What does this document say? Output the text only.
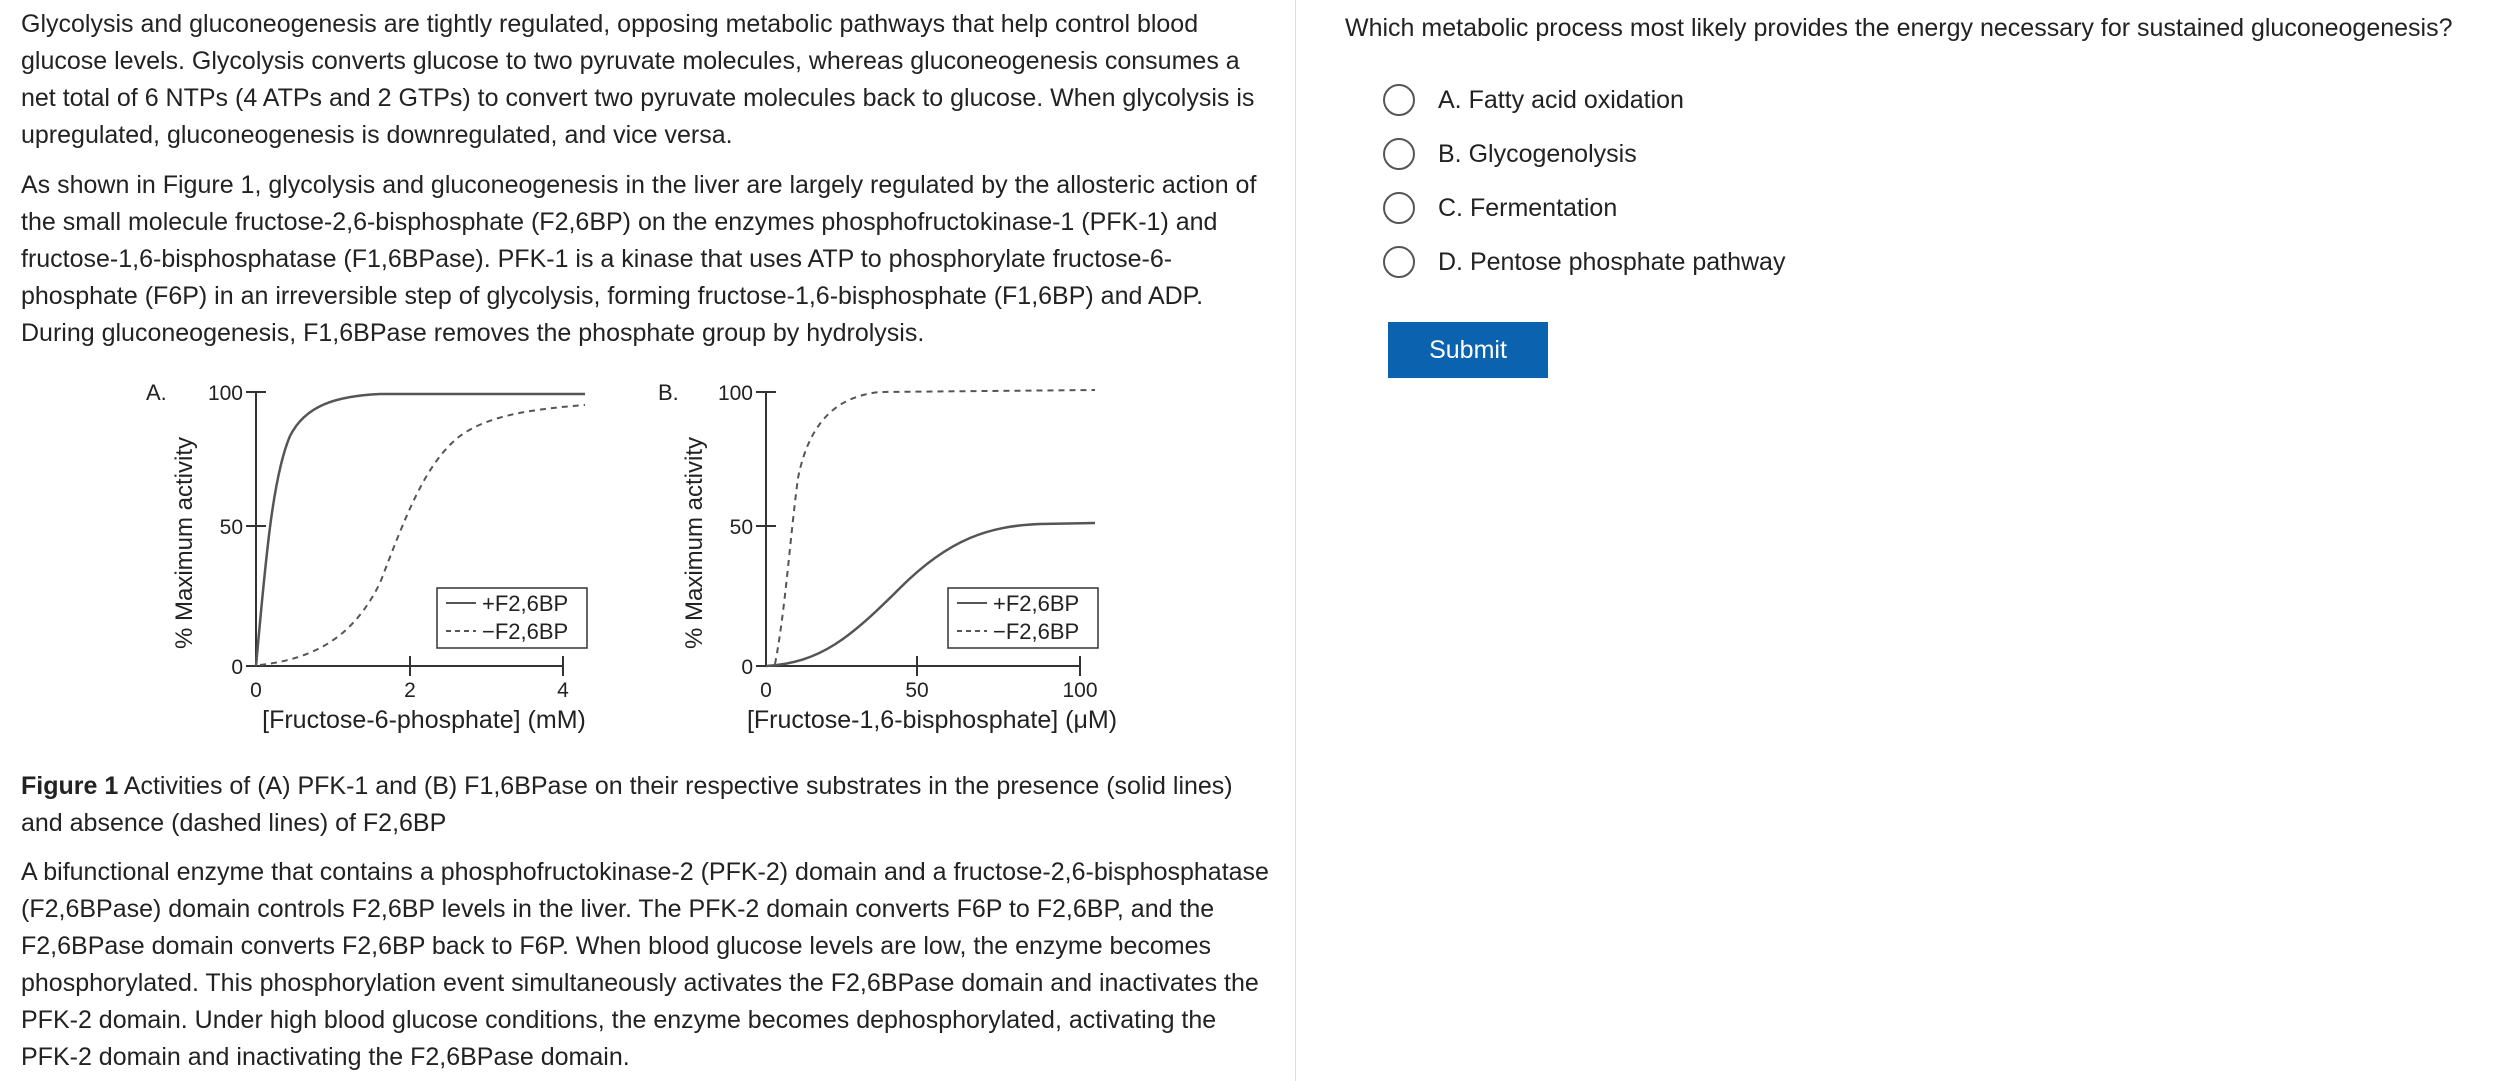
Glycolysis and gluconeogenesis are tightly regulated, opposing metabolic pathways that help control blood glucose levels. Glycolysis converts glucose to two pyruvate molecules, whereas gluconeogenesis consumes a net total of 6 NTPs (4 ATPs and 2 GTPs) to convert two pyruvate molecules back to glucose. When glycolysis is upregulated, gluconeogenesis is downregulated, and vice versa.

As shown in Figure 1, glycolysis and gluconeogenesis in the liver are largely regulated by the allosteric action of the small molecule fructose-2,6-bisphosphate (F2,6BP) on the enzymes phosphofructokinase-1 (PFK-1) and fructose-1,6-bisphosphatase (F1,6BPase). PFK-1 is a kinase that uses ATP to phosphorylate fructose-6-phosphate (F6P) in an irreversible step of glycolysis, forming fructose-1,6-bisphosphate (F1,6BP) and ADP. During gluconeogenesis, F1,6BPase removes the phosphate group by hydrolysis.

A.
% Maximum activity
100
50
0
0	2	4
[Fructose-6-phosphate] (mM)
+F2,6BP
−F2,6BP
B.
% Maximum activity
100
50
0
0	50	100
[Fructose-1,6-bisphosphate] (μM)
+F2,6BP
−F2,6BP

Figure 1 Activities of (A) PFK-1 and (B) F1,6BPase on their respective substrates in the presence (solid lines) and absence (dashed lines) of F2,6BP

A bifunctional enzyme that contains a phosphofructokinase-2 (PFK-2) domain and a fructose-2,6-bisphosphatase (F2,6BPase) domain controls F2,6BP levels in the liver. The PFK-2 domain converts F6P to F2,6BP, and the F2,6BPase domain converts F2,6BP back to F6P. When blood glucose levels are low, the enzyme becomes phosphorylated. This phosphorylation event simultaneously activates the F2,6BPase domain and inactivates the PFK-2 domain. Under high blood glucose conditions, the enzyme becomes dephosphorylated, activating the PFK-2 domain and inactivating the F2,6BPase domain.

Which metabolic process most likely provides the energy necessary for sustained gluconeogenesis?
A. Fatty acid oxidation
B. Glycogenolysis
C. Fermentation
D. Pentose phosphate pathway
Submit
